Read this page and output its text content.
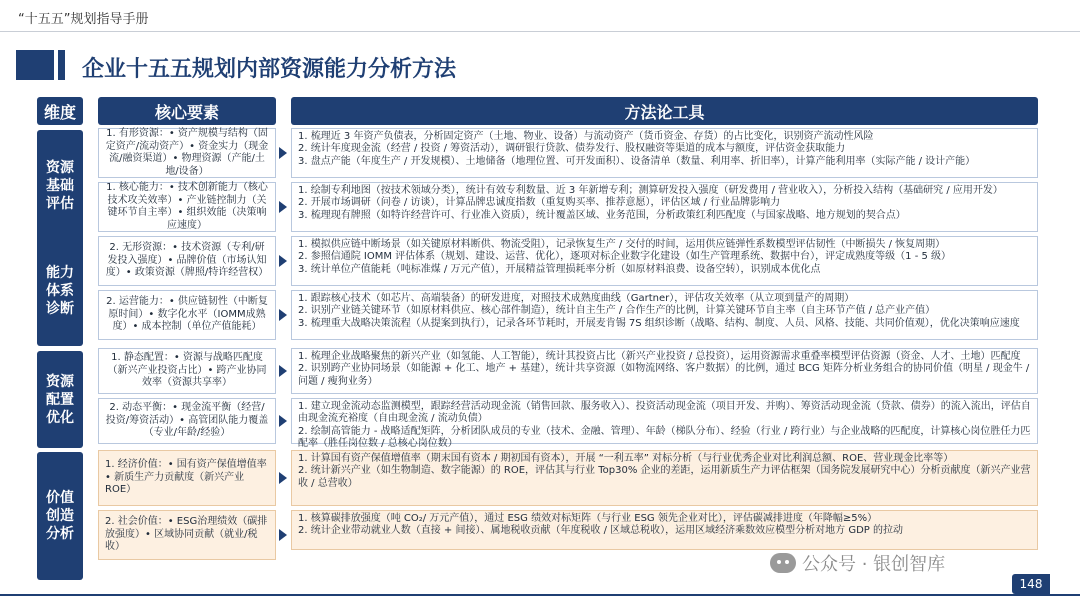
“十五五”规划指导手册
企业十五五规划内部资源能力分析方法
维度	核心要素	方法论工具
资源
基础
评估
能力
体系
诊断
资源
配置
优化
价值
创造
分析
1. 有形资源：• 资产规模与结构（固定资产/流动资产）• 资金实力（现金流/融资渠道）• 物理资源（产能/土地/设备）
1. 核心能力：• 技术创新能力（核心技术攻关效率）• 产业链控制力（关键环节自主率）• 组织效能（决策响应速度）
2. 无形资源：• 技术资源（专利/研发投入强度）• 品牌价值（市场认知度）• 政策资源（牌照/特许经营权）
2. 运营能力：• 供应链韧性（中断复原时间）• 数字化水平（IOMM成熟度）• 成本控制（单位产值能耗）
1. 静态配置：• 资源与战略匹配度（新兴产业投资占比）• 跨产业协同效率（资源共享率）
2. 动态平衡：• 现金流平衡（经营/投资/筹资活动）• 高管团队能力覆盖（专业/年龄/经验）
1. 经济价值：• 国有资产保值增值率 • 新质生产力贡献度（新兴产业ROE）
2. 社会价值：• ESG治理绩效（碳排放强度）• 区域协同贡献（就业/税收）

1. 梳理近 3 年资产负债表，分析固定资产（土地、物业、设备）与流动资产（货币资金、存货）的占比变化，识别资产流动性风险

2. 统计年度现金流（经营 / 投资 / 筹资活动），调研银行贷款、债券发行、股权融资等渠道的成本与额度，评估资金获取能力

3. 盘点产能（年度生产 / 开发规模）、土地储备（地理位置、可开发面积）、设备清单（数量、利用率、折旧率），计算产能利用率（实际产能 / 设计产能）

1. 绘制专利地图（按技术领域分类），统计有效专利数量、近 3 年新增专利；测算研发投入强度（研发费用 / 营业收入），分析投入结构（基础研究 / 应用开发）

2. 开展市场调研（问卷 / 访谈），计算品牌忠诚度指数（重复购买率、推荐意愿），评估区域 / 行业品牌影响力

3. 梳理现有牌照（如特许经营许可、行业准入资质），统计覆盖区域、业务范围，分析政策红利匹配度（与国家战略、地方规划的契合点）

1. 模拟供应链中断场景（如关键原材料断供、物流受阻），记录恢复生产 / 交付的时间，运用供应链弹性系数模型评估韧性（中断损失 / 恢复周期）

2. 参照信通院 IOMM 评估体系（规划、建设、运营、优化），逐项对标企业数字化建设（如生产管理系统、数据中台），评定成熟度等级（1 - 5 级）

3. 统计单位产值能耗（吨标准煤 / 万元产值），开展精益管理损耗率分析（如原材料浪费、设备空转），识别成本优化点

1. 跟踪核心技术（如芯片、高端装备）的研发进度，对照技术成熟度曲线（Gartner），评估攻关效率（从立项到量产的周期）

2. 识别产业链关键环节（如原材料供应、核心部件制造），统计自主生产 / 合作生产的比例，计算关键环节自主率（自主环节产值 / 总产业产值）

3. 梳理重大战略决策流程（从提案到执行），记录各环节耗时，开展麦肯锡 7S 组织诊断（战略、结构、制度、人员、风格、技能、共同价值观），优化决策响应速度

1. 梳理企业战略聚焦的新兴产业（如氢能、人工智能），统计其投资占比（新兴产业投资 / 总投资），运用资源需求重叠率模型评估资源（资金、人才、土地）匹配度

2. 识别跨产业协同场景（如能源 + 化工、地产 + 基建），统计共享资源（如物流网络、客户数据）的比例，通过 BCG 矩阵分析业务组合的协同价值（明星 / 现金牛 / 问题 / 瘦狗业务）

1. 建立现金流动态监测模型，跟踪经营活动现金流（销售回款、服务收入）、投资活动现金流（项目开发、并购）、筹资活动现金流（贷款、债券）的流入流出，评估自由现金流充裕度（自由现金流 / 流动负债）

2. 绘制高管能力 - 战略适配矩阵，分析团队成员的专业（技术、金融、管理）、年龄（梯队分布）、经验（行业 / 跨行业）与企业战略的匹配度，计算核心岗位胜任力匹配率（胜任岗位数 / 总核心岗位数）

1. 计算国有资产保值增值率（期末国有资本 / 期初国有资本），开展 “一利五率” 对标分析（与行业优秀企业对比利润总额、ROE、营业现金比率等）

2. 统计新兴产业（如生物制造、数字能源）的 ROE，评估其与行业 Top30% 企业的差距，运用新质生产力评估框架（国务院发展研究中心）分析贡献度（新兴产业营收 / 总营收）

1. 核算碳排放强度（吨 CO₂/ 万元产值），通过 ESG 绩效对标矩阵（与行业 ESG 领先企业对比），评估碳减排进度（年降幅≥5%）

2. 统计企业带动就业人数（直接 + 间接）、属地税收贡献（年度税收 / 区域总税收），运用区域经济乘数效应模型分析对地方 GDP 的拉动

公众号 · 银创智库
148
